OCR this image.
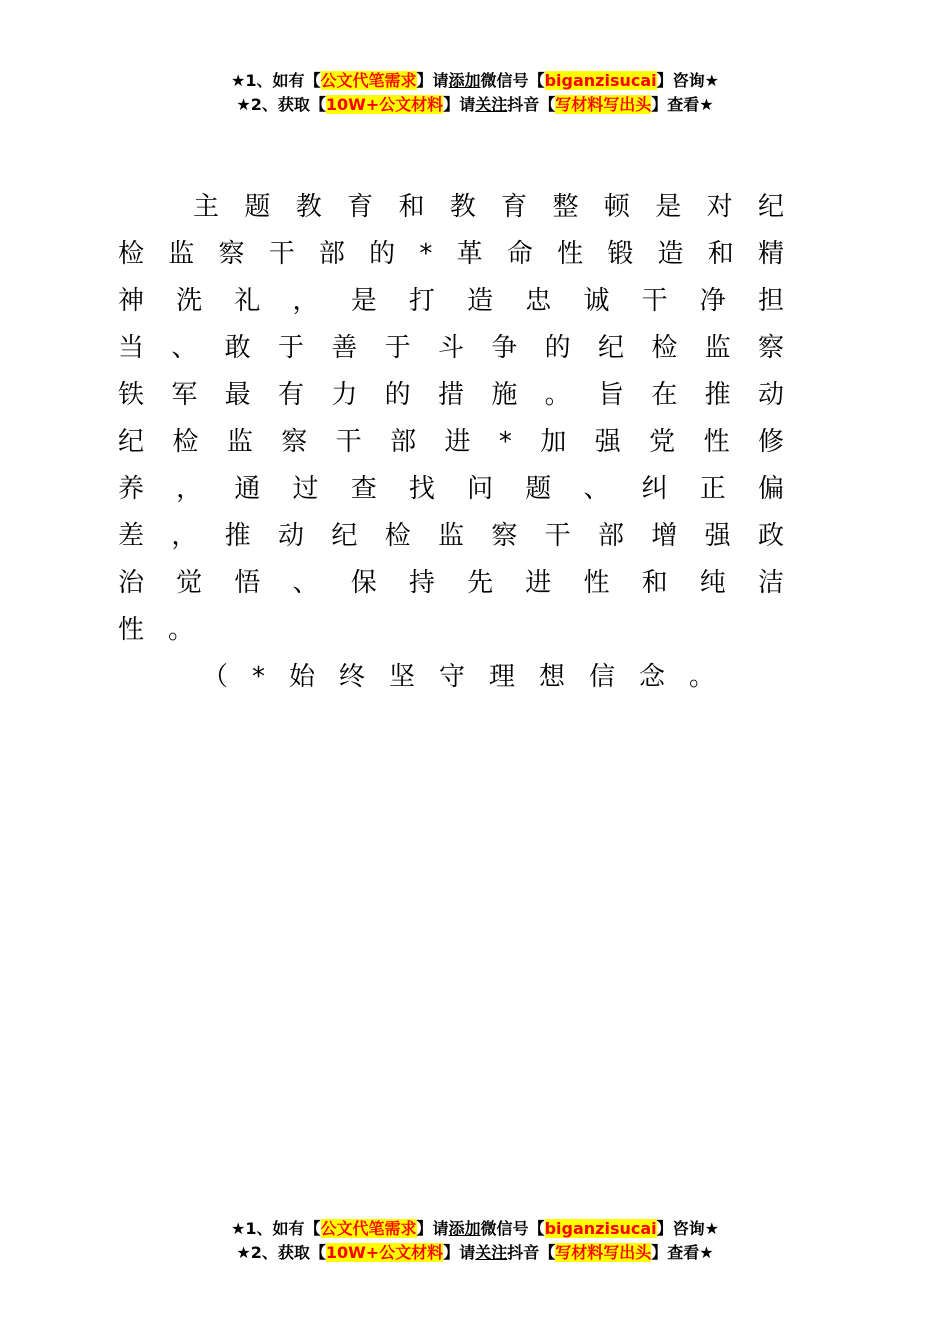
★1、如有【公文代笔需求】请添加微信号【biganzisucai】咨询★
★2、获取【10W+公文材料】请关注抖音【写材料写出头】查看★

主题教育和教育整顿是对纪检监察干部的*革命性锻造和精神洗礼，是打造忠诚干净担当、敢于善于斗争的纪检监察铁军最有力的措施。旨在推动纪检监察干部进*加强党性修养，通过查找问题、纠正偏差，推动纪检监察干部增强政治觉悟、保持先进性和纯洁性。

（*始终坚守理想信念。

★1、如有【公文代笔需求】请添加微信号【biganzisucai】咨询★
★2、获取【10W+公文材料】请关注抖音【写材料写出头】查看★
